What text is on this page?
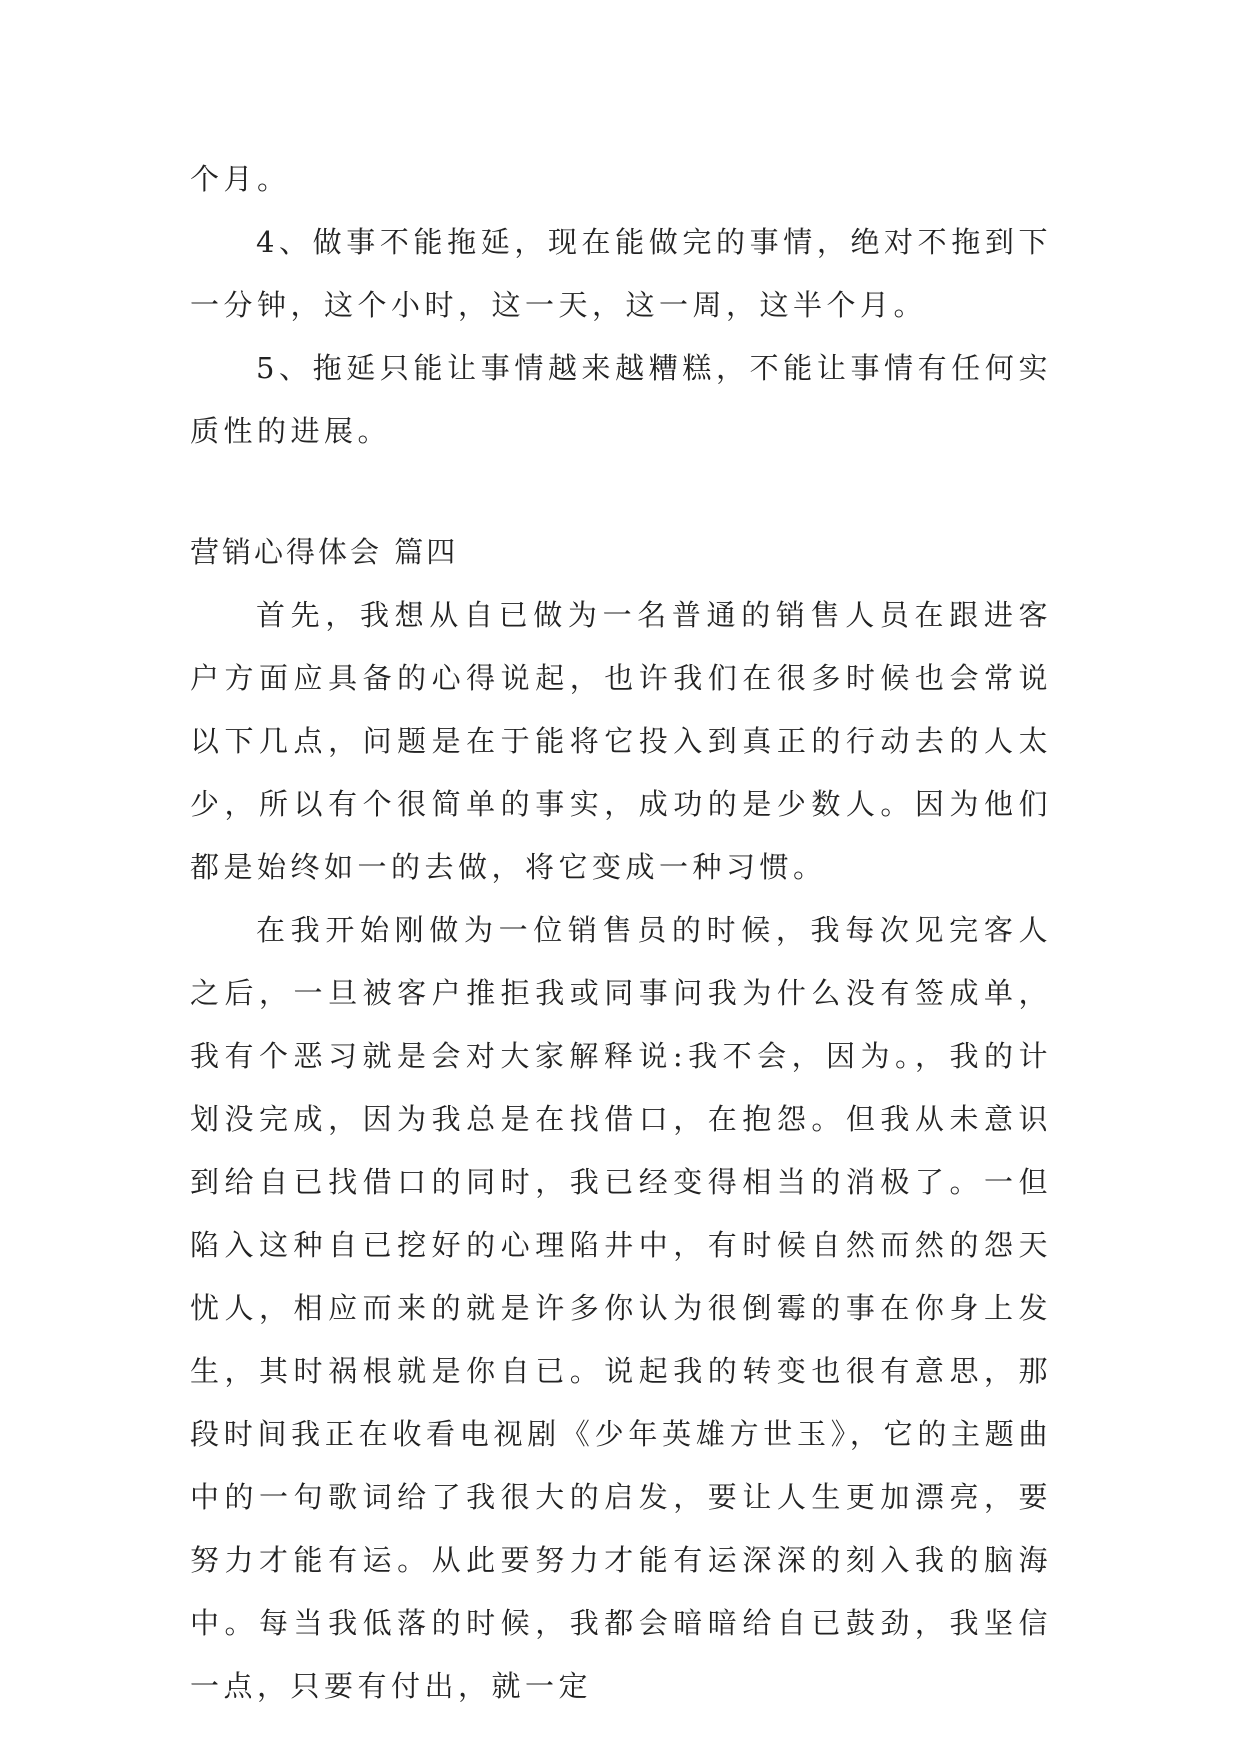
个月。

4、做事不能拖延，现在能做完的事情，绝对不拖到下一分钟，这个小时，这一天，这一周，这半个月。

5、拖延只能让事情越来越糟糕，不能让事情有任何实质性的进展。

营销心得体会 篇四

首先，我想从自已做为一名普通的销售人员在跟进客户方面应具备的心得说起，也许我们在很多时候也会常说以下几点，问题是在于能将它投入到真正的行动去的人太少，所以有个很简单的事实，成功的是少数人。因为他们都是始终如一的去做，将它变成一种习惯。

在我开始刚做为一位销售员的时候，我每次见完客人之后，一旦被客户推拒我或同事问我为什么没有签成单，我有个恶习就是会对大家解释说:我不会，因为。，我的计划没完成，因为我总是在找借口，在抱怨。但我从未意识到给自已找借口的同时，我已经变得相当的消极了。一但陷入这种自已挖好的心理陷井中，有时候自然而然的怨天忧人，相应而来的就是许多你认为很倒霉的事在你身上发生，其时祸根就是你自已。说起我的转变也很有意思，那段时间我正在收看电视剧《少年英雄方世玉》，它的主题曲中的一句歌词给了我很大的启发，要让人生更加漂亮，要努力才能有运。从此要努力才能有运深深的刻入我的脑海中。每当我低落的时候，我都会暗暗给自已鼓劲，我坚信一点，只要有付出，就一定
